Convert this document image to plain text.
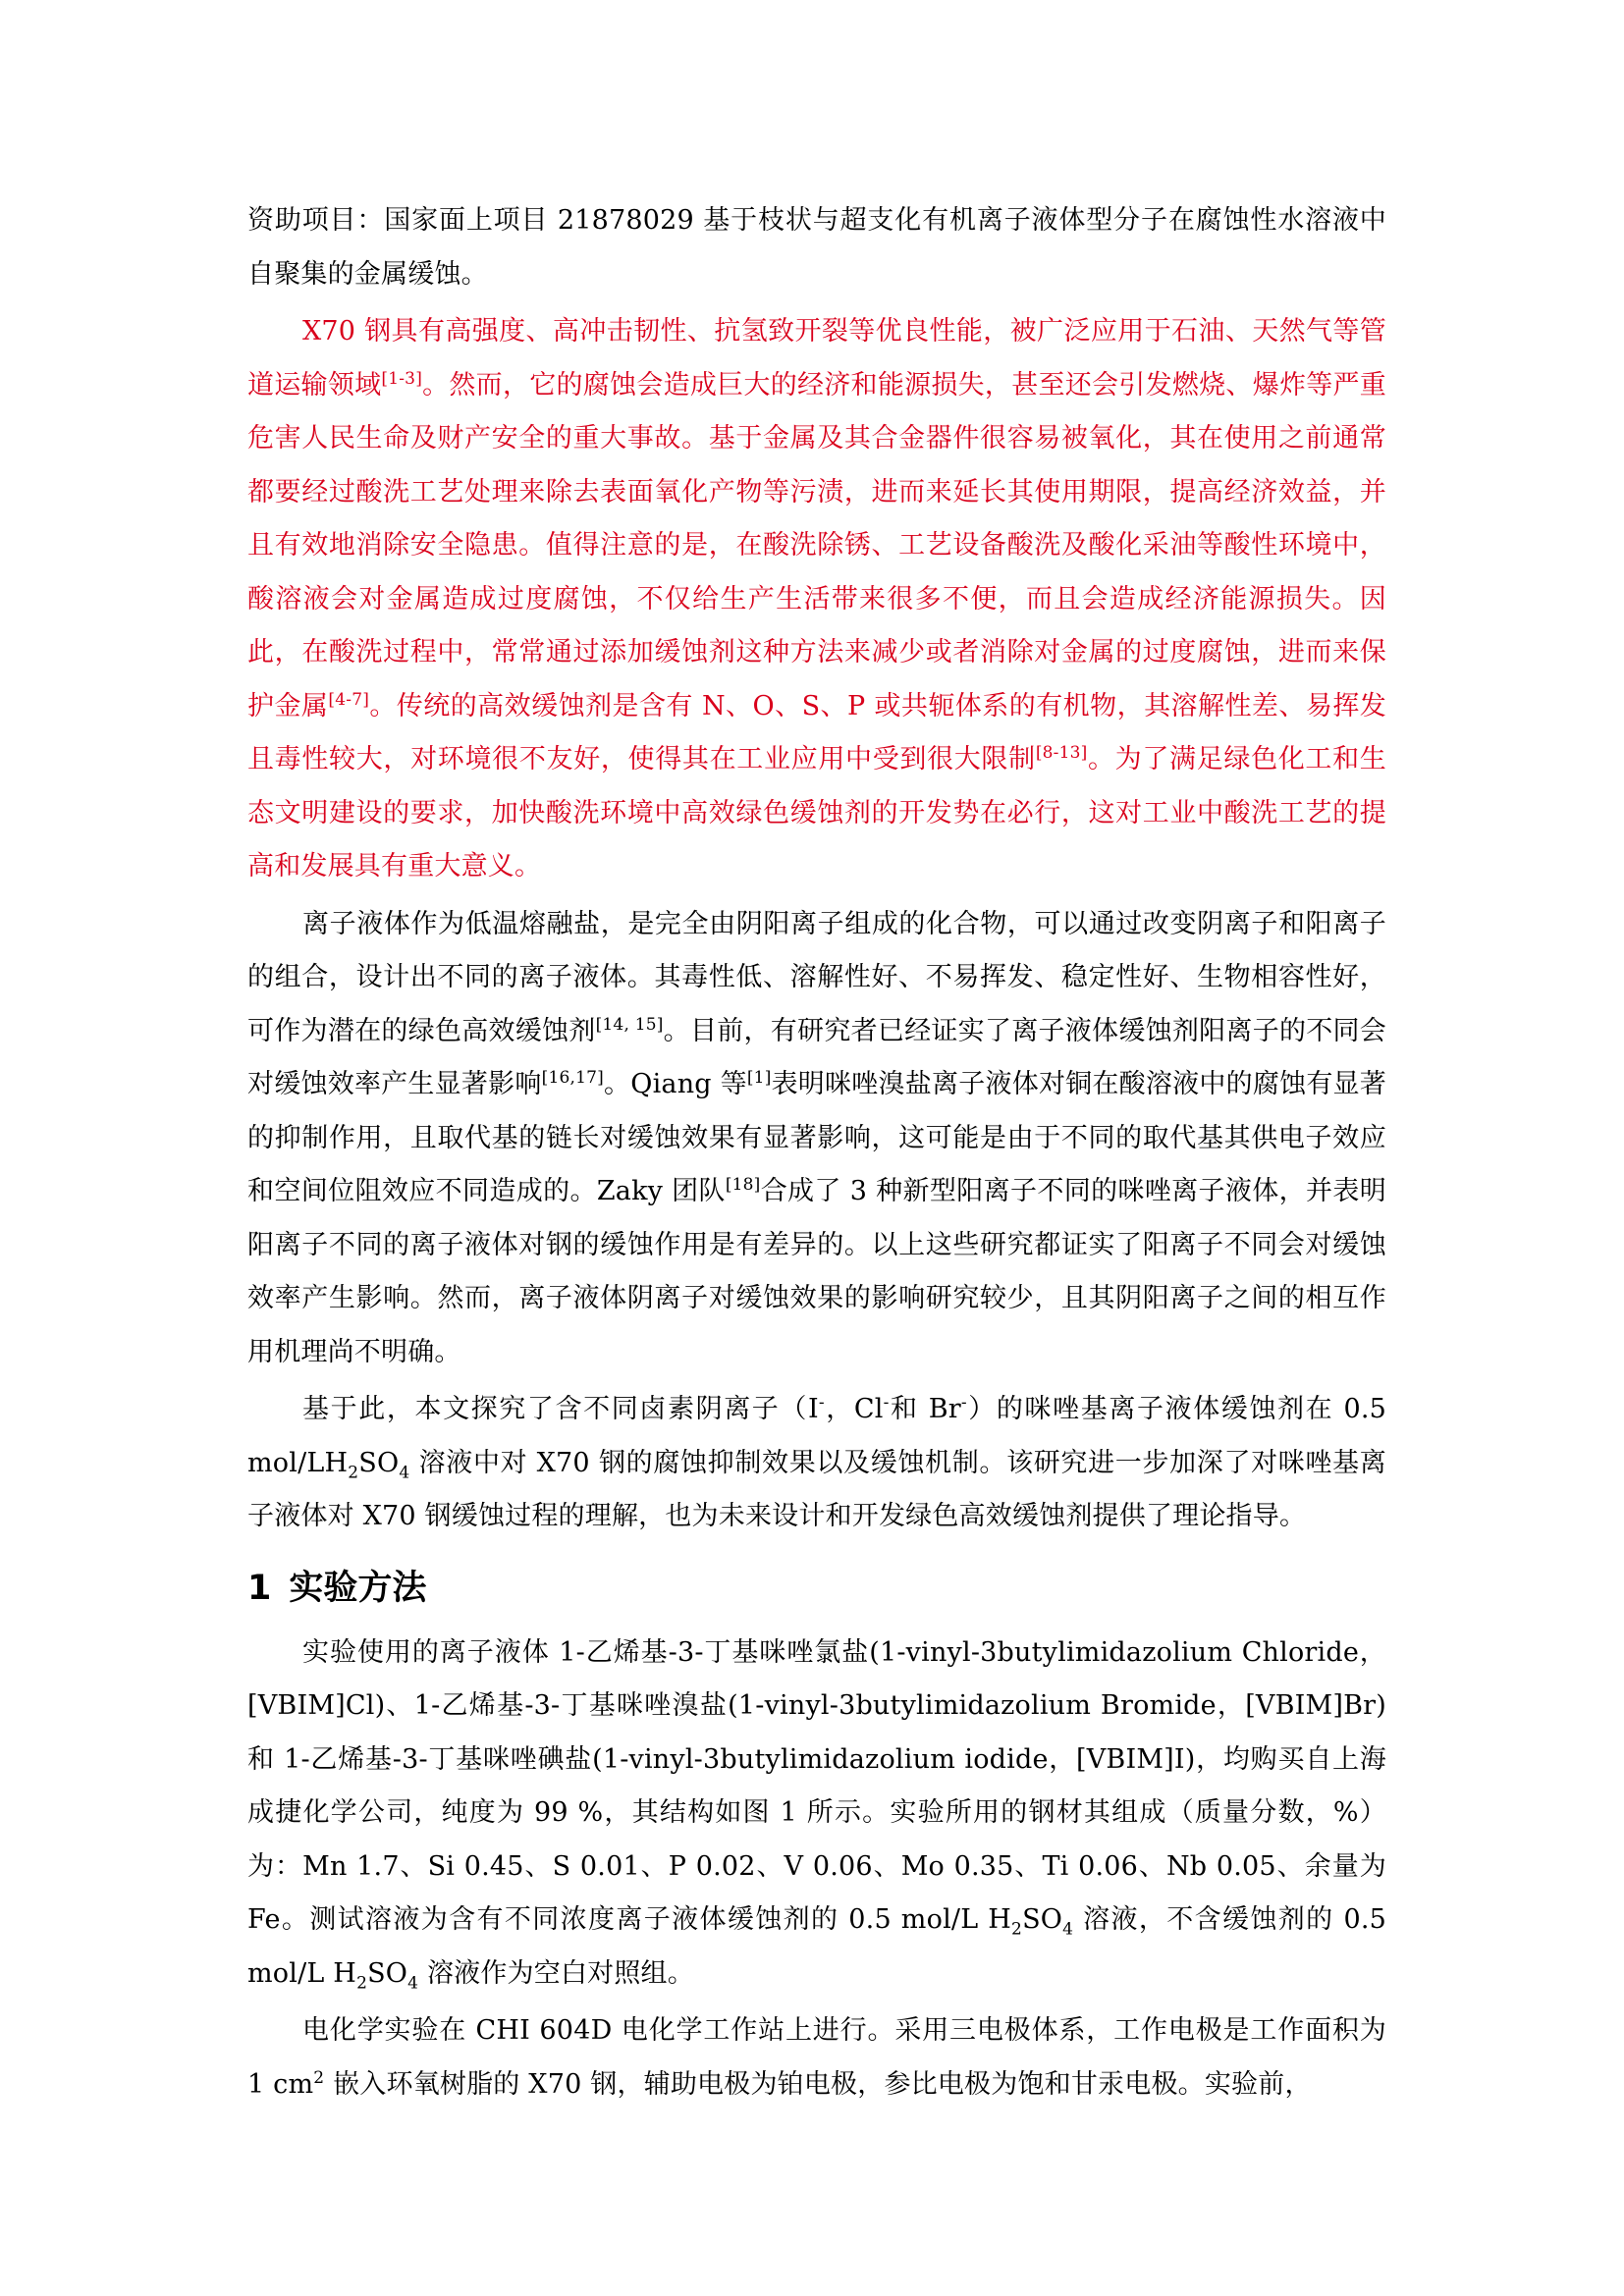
资助项目：国家面上项目 21878029 基于枝状与超支化有机离子液体型分子在腐蚀性水溶液中自聚集的金属缓蚀。

X70 钢具有高强度、高冲击韧性、抗氢致开裂等优良性能，被广泛应用于石油、天然气等管道运输领域[1-3]。然而，它的腐蚀会造成巨大的经济和能源损失，甚至还会引发燃烧、爆炸等严重危害人民生命及财产安全的重大事故。基于金属及其合金器件很容易被氧化，其在使用之前通常都要经过酸洗工艺处理来除去表面氧化产物等污渍，进而来延长其使用期限，提高经济效益，并且有效地消除安全隐患。值得注意的是，在酸洗除锈、工艺设备酸洗及酸化采油等酸性环境中，酸溶液会对金属造成过度腐蚀，不仅给生产生活带来很多不便，而且会造成经济能源损失。因此，在酸洗过程中，常常通过添加缓蚀剂这种方法来减少或者消除对金属的过度腐蚀，进而来保护金属[4-7]。传统的高效缓蚀剂是含有 N、O、S、P 或共轭体系的有机物，其溶解性差、易挥发且毒性较大，对环境很不友好，使得其在工业应用中受到很大限制[8-13]。为了满足绿色化工和生态文明建设的要求，加快酸洗环境中高效绿色缓蚀剂的开发势在必行，这对工业中酸洗工艺的提高和发展具有重大意义。

离子液体作为低温熔融盐，是完全由阴阳离子组成的化合物，可以通过改变阴离子和阳离子的组合，设计出不同的离子液体。其毒性低、溶解性好、不易挥发、稳定性好、生物相容性好，可作为潜在的绿色高效缓蚀剂[14, 15]。目前，有研究者已经证实了离子液体缓蚀剂阳离子的不同会对缓蚀效率产生显著影响[16,17]。Qiang 等[1]表明咪唑溴盐离子液体对铜在酸溶液中的腐蚀有显著的抑制作用，且取代基的链长对缓蚀效果有显著影响，这可能是由于不同的取代基其供电子效应和空间位阻效应不同造成的。Zaky 团队[18]合成了 3 种新型阳离子不同的咪唑离子液体，并表明阳离子不同的离子液体对钢的缓蚀作用是有差异的。以上这些研究都证实了阳离子不同会对缓蚀效率产生影响。然而，离子液体阴离子对缓蚀效果的影响研究较少，且其阴阳离子之间的相互作用机理尚不明确。

基于此，本文探究了含不同卤素阴离子（I-，Cl-和 Br-）的咪唑基离子液体缓蚀剂在 0.5 mol/$LH_2SO_4$ 溶液中对 X70 钢的腐蚀抑制效果以及缓蚀机制。该研究进一步加深了对咪唑基离子液体对 X70 钢缓蚀过程的理解，也为未来设计和开发绿色高效缓蚀剂提供了理论指导。

1 实验方法

实验使用的离子液体 1-乙烯基-3-丁基咪唑氯盐(1-vinyl-3butylimidazolium Chloride，[VBIM]Cl)、1-乙烯基-3-丁基咪唑溴盐(1-vinyl-3butylimidazolium Bromide，[VBIM]Br)和 1-乙烯基-3-丁基咪唑碘盐(1-vinyl-3butylimidazolium iodide，[VBIM]I)，均购买自上海成捷化学公司，纯度为 99 %，其结构如图 1 所示。实验所用的钢材其组成（质量分数，%）为：Mn 1.7、Si 0.45、S 0.01、P 0.02、V 0.06、Mo 0.35、Ti 0.06、Nb 0.05、余量为 Fe。测试溶液为含有不同浓度离子液体缓蚀剂的 0.5 mol/L $H_2SO_4$ 溶液，不含缓蚀剂的 0.5 mol/L $H_2SO_4$ 溶液作为空白对照组。

电化学实验在 CHI 604D 电化学工作站上进行。采用三电极体系，工作电极是工作面积为 1 $cm^2$ 嵌入环氧树脂的 X70 钢，辅助电极为铂电极，参比电极为饱和甘汞电极。实验前，
